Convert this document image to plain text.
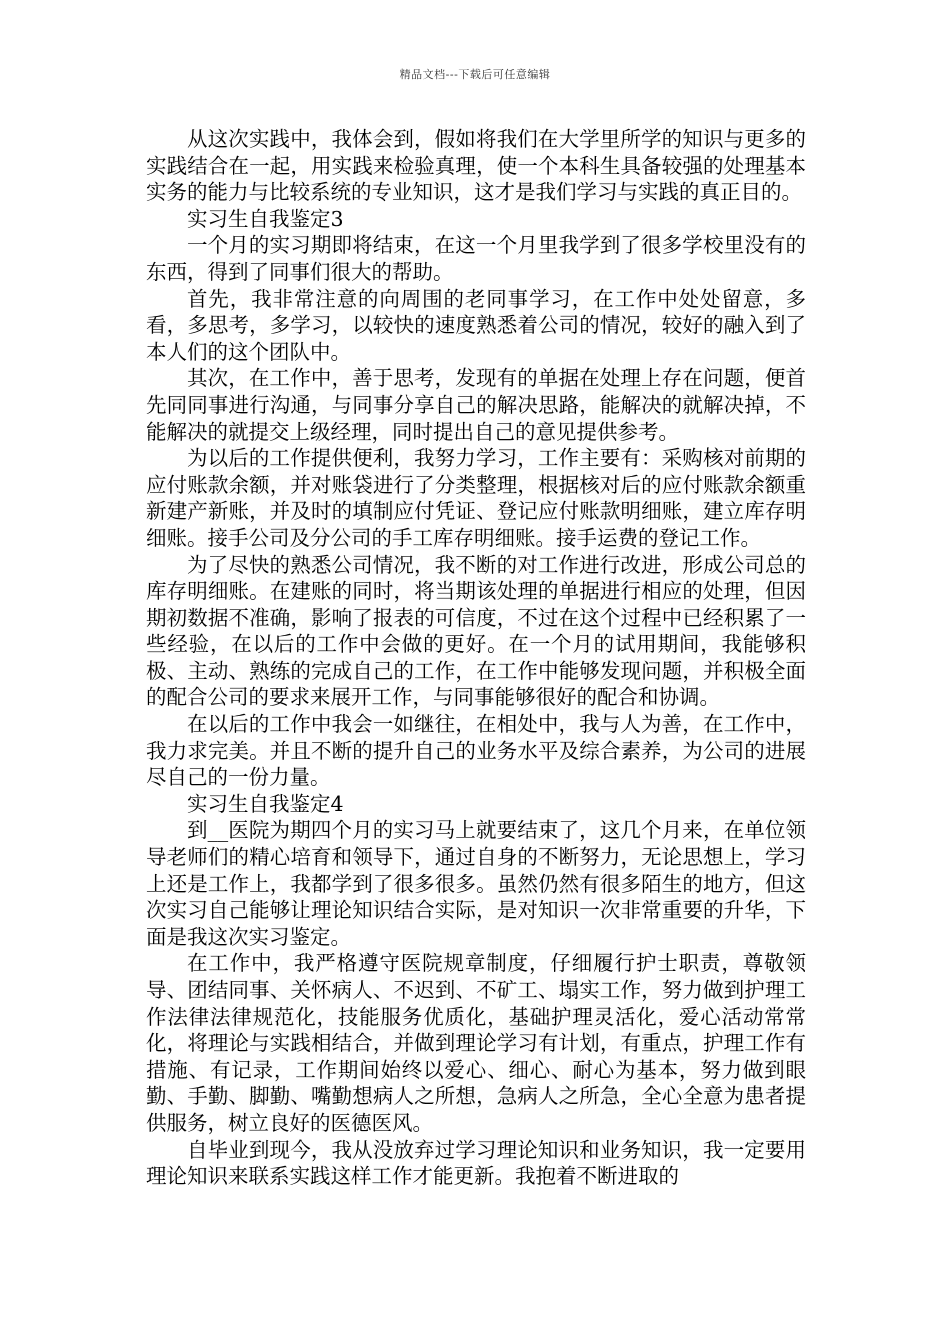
精品文档---下载后可任意编辑

从这次实践中，我体会到，假如将我们在大学里所学的知识与更多的实践结合在一起，用实践来检验真理，使一个本科生具备较强的处理基本实务的能力与比较系统的专业知识，这才是我们学习与实践的真正目的。

实习生自我鉴定3

一个月的实习期即将结束，在这一个月里我学到了很多学校里没有的东西，得到了同事们很大的帮助。

首先，我非常注意的向周围的老同事学习，在工作中处处留意，多看，多思考，多学习，以较快的速度熟悉着公司的情况，较好的融入到了本人们的这个团队中。

其次，在工作中，善于思考，发现有的单据在处理上存在问题，便首先同同事进行沟通，与同事分享自己的解决思路，能解决的就解决掉，不能解决的就提交上级经理，同时提出自己的意见提供参考。

为以后的工作提供便利，我努力学习，工作主要有：采购核对前期的应付账款余额，并对账袋进行了分类整理，根据核对后的应付账款余额重新建产新账，并及时的填制应付凭证、登记应付账款明细账，建立库存明细账。接手公司及分公司的手工库存明细账。接手运费的登记工作。

为了尽快的熟悉公司情况，我不断的对工作进行改进，形成公司总的库存明细账。在建账的同时，将当期该处理的单据进行相应的处理，但因期初数据不准确，影响了报表的可信度，不过在这个过程中已经积累了一些经验，在以后的工作中会做的更好。在一个月的试用期间，我能够积极、主动、熟练的完成自己的工作，在工作中能够发现问题，并积极全面的配合公司的要求来展开工作，与同事能够很好的配合和协调。

在以后的工作中我会一如继往，在相处中，我与人为善，在工作中，我力求完美。并且不断的提升自己的业务水平及综合素养，为公司的进展尽自己的一份力量。

实习生自我鉴定4

到__医院为期四个月的实习马上就要结束了，这几个月来，在单位领导老师们的精心培育和领导下，通过自身的不断努力，无论思想上，学习上还是工作上，我都学到了很多很多。虽然仍然有很多陌生的地方，但这次实习自己能够让理论知识结合实际，是对知识一次非常重要的升华，下面是我这次实习鉴定。

在工作中，我严格遵守医院规章制度，仔细履行护士职责，尊敬领导、团结同事、关怀病人、不迟到、不矿工、塌实工作，努力做到护理工作法律法律规范化，技能服务优质化，基础护理灵活化，爱心活动常常化，将理论与实践相结合，并做到理论学习有计划，有重点，护理工作有措施、有记录，工作期间始终以爱心、细心、耐心为基本，努力做到眼勤、手勤、脚勤、嘴勤想病人之所想，急病人之所急，全心全意为患者提供服务，树立良好的医德医风。

自毕业到现今，我从没放弃过学习理论知识和业务知识，我一定要用理论知识来联系实践这样工作才能更新。我抱着不断进取的
